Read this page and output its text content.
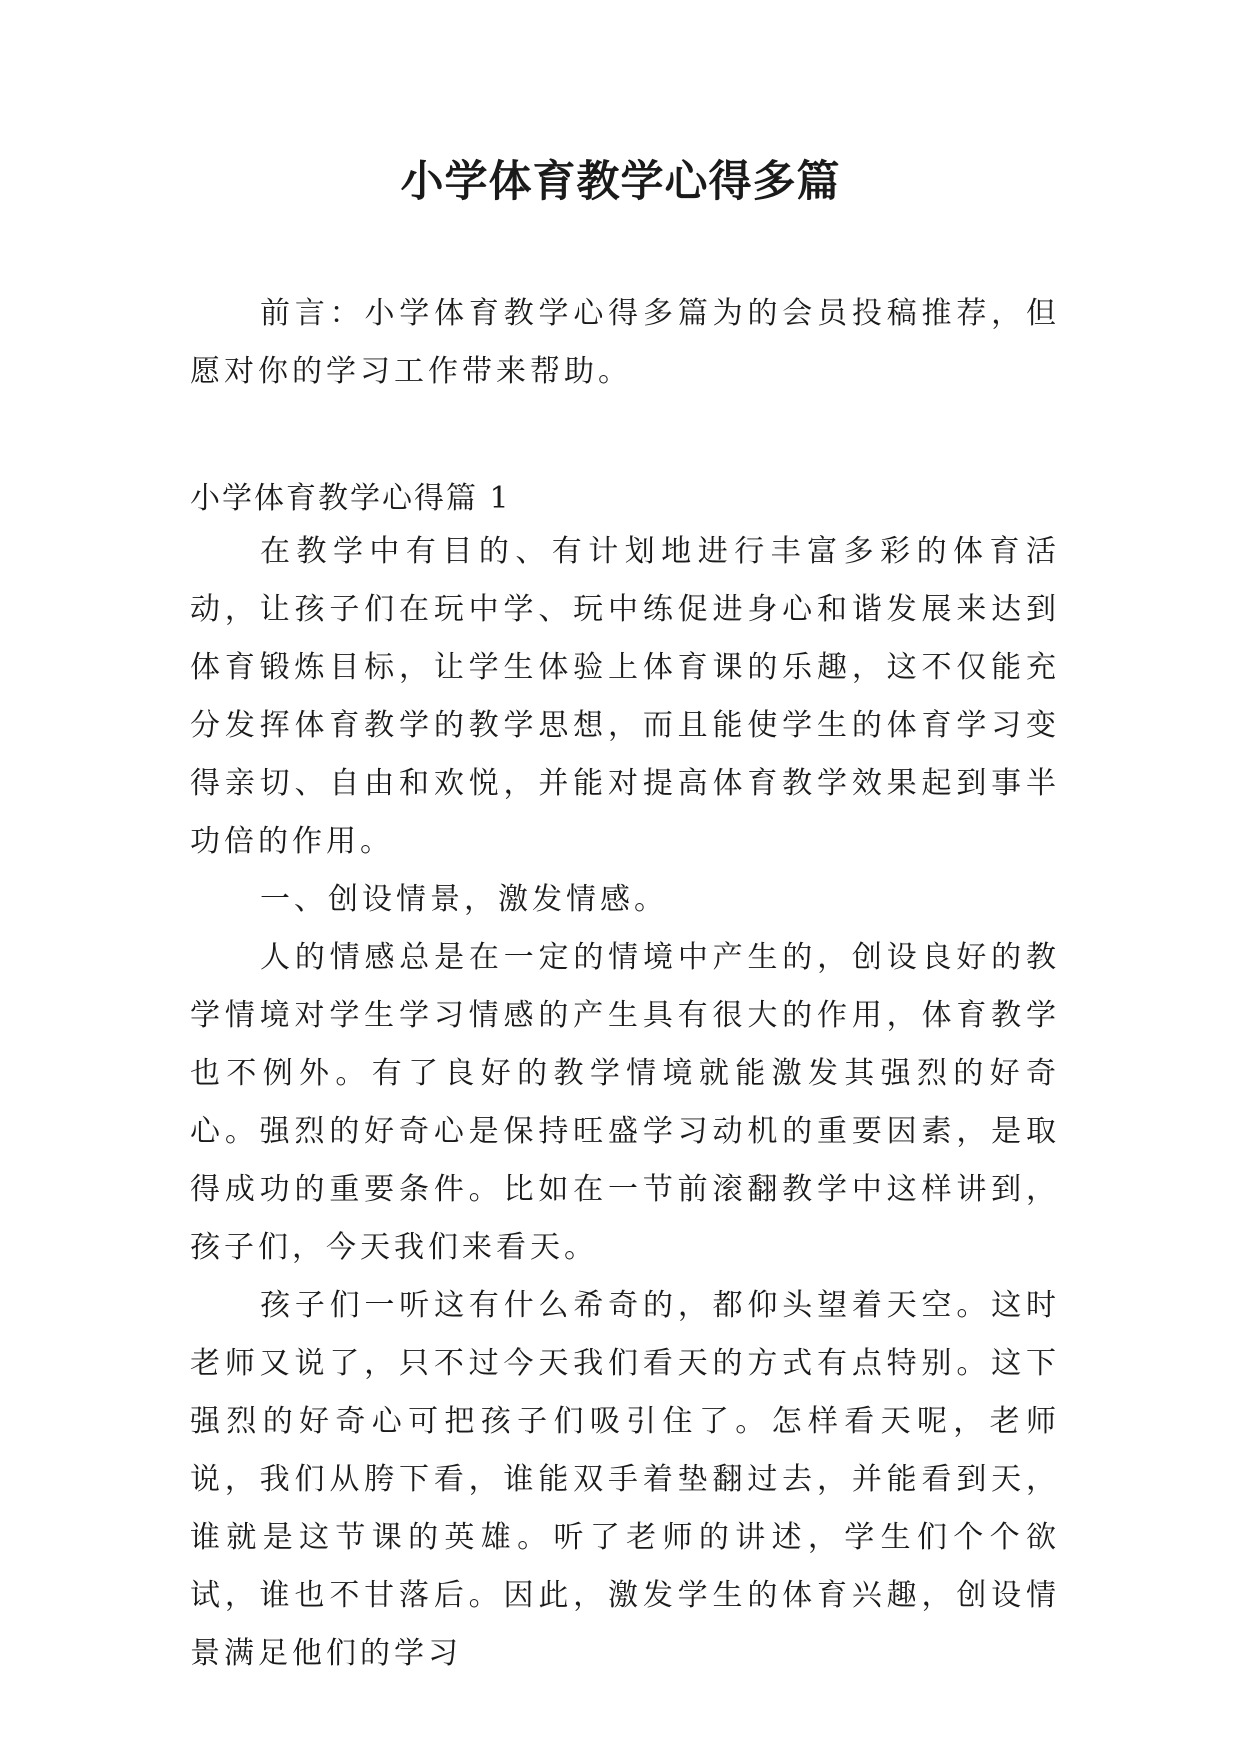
小学体育教学心得多篇

前言：小学体育教学心得多篇为的会员投稿推荐，但愿对你的学习工作带来帮助。

小学体育教学心得篇 1

在教学中有目的、有计划地进行丰富多彩的体育活动，让孩子们在玩中学、玩中练促进身心和谐发展来达到体育锻炼目标，让学生体验上体育课的乐趣，这不仅能充分发挥体育教学的教学思想，而且能使学生的体育学习变得亲切、自由和欢悦，并能对提高体育教学效果起到事半功倍的作用。

一、创设情景，激发情感。

人的情感总是在一定的情境中产生的，创设良好的教学情境对学生学习情感的产生具有很大的作用，体育教学也不例外。有了良好的教学情境就能激发其强烈的好奇心。强烈的好奇心是保持旺盛学习动机的重要因素，是取得成功的重要条件。比如在一节前滚翻教学中这样讲到，孩子们，今天我们来看天。

孩子们一听这有什么希奇的，都仰头望着天空。这时老师又说了，只不过今天我们看天的方式有点特别。这下强烈的好奇心可把孩子们吸引住了。怎样看天呢，老师说，我们从胯下看，谁能双手着垫翻过去，并能看到天，谁就是这节课的英雄。听了老师的讲述，学生们个个欲试，谁也不甘落后。因此，激发学生的体育兴趣，创设情景满足他们的学习
